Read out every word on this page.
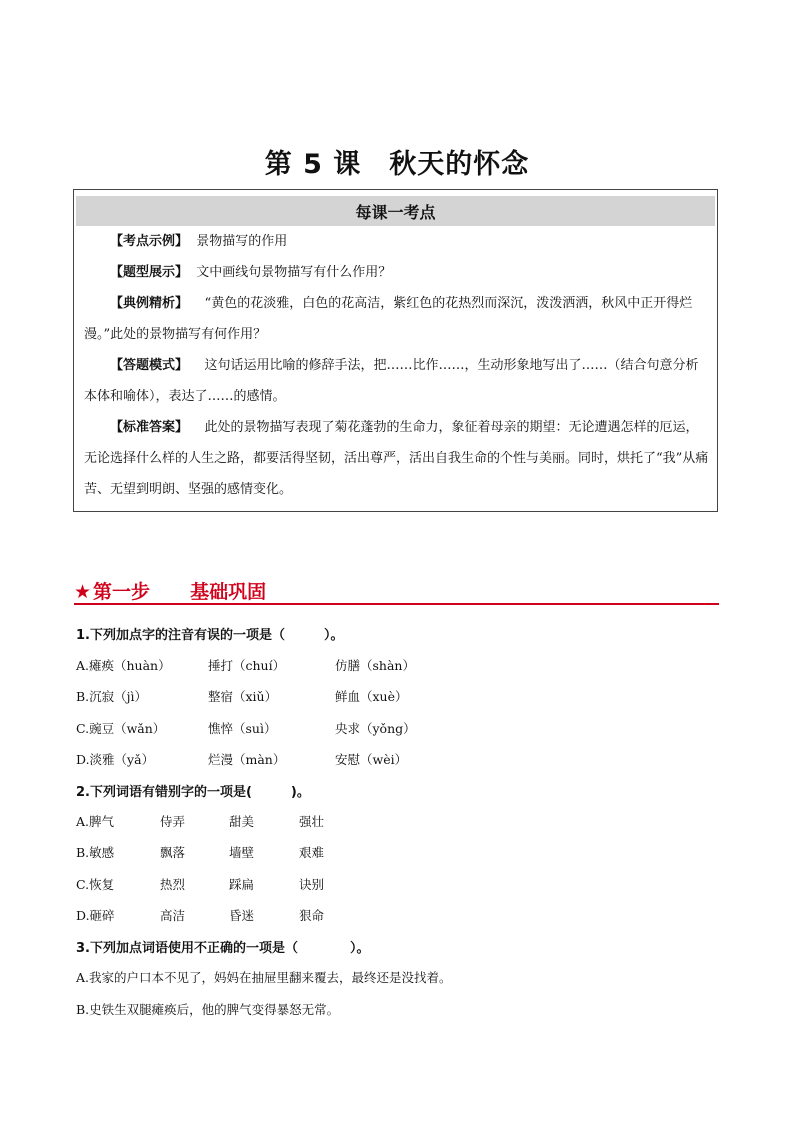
第 5 课　秋天的怀念
每课一考点

【考点示例】 景物描写的作用

【题型展示】 文中画线句景物描写有什么作用？

【典例精析】 “黄色的花淡雅，白色的花高洁，紫红色的花热烈而深沉，泼泼洒洒，秋风中正开得烂漫。”此处的景物描写有何作用？

【答题模式】 这句话运用比喻的修辞手法，把……比作……，生动形象地写出了……（结合句意分析本体和喻体），表达了……的感情。

【标准答案】 此处的景物描写表现了菊花蓬勃的生命力，象征着母亲的期望：无论遭遇怎样的厄运，无论选择什么样的人生之路，都要活得坚韧，活出尊严，活出自我生命的个性与美丽。同时，烘托了“我”从痛苦、无望到明朗、坚强的感情变化。

★ 第一步 基础巩固
1.下列加点字的注音有误的一项是（　　　）。
A.瘫痪（huàn）	捶打（chuí）	仿膳（shàn）
B.沉寂（jì）	整宿（xiǔ）	鲜血（xuè）
C.豌豆（wǎn）	憔悴（suì）	央求（yǒng）
D.淡雅（yǎ）	烂漫（màn）	安慰（wèi）
2.下列词语有错别字的一项是(　　　)。
A.脾气	侍弄	甜美	强壮
B.敏感	飘落	墙壁	艰难
C.恢复	热烈	踩扁	诀别
D.砸碎	高洁	昏迷	狠命
3.下列加点词语使用不正确的一项是（　　　　）。
A.我家的户口本不见了，妈妈在抽屉里翻来覆去，最终还是没找着。
B.史铁生双腿瘫痪后，他的脾气变得暴怒无常。
